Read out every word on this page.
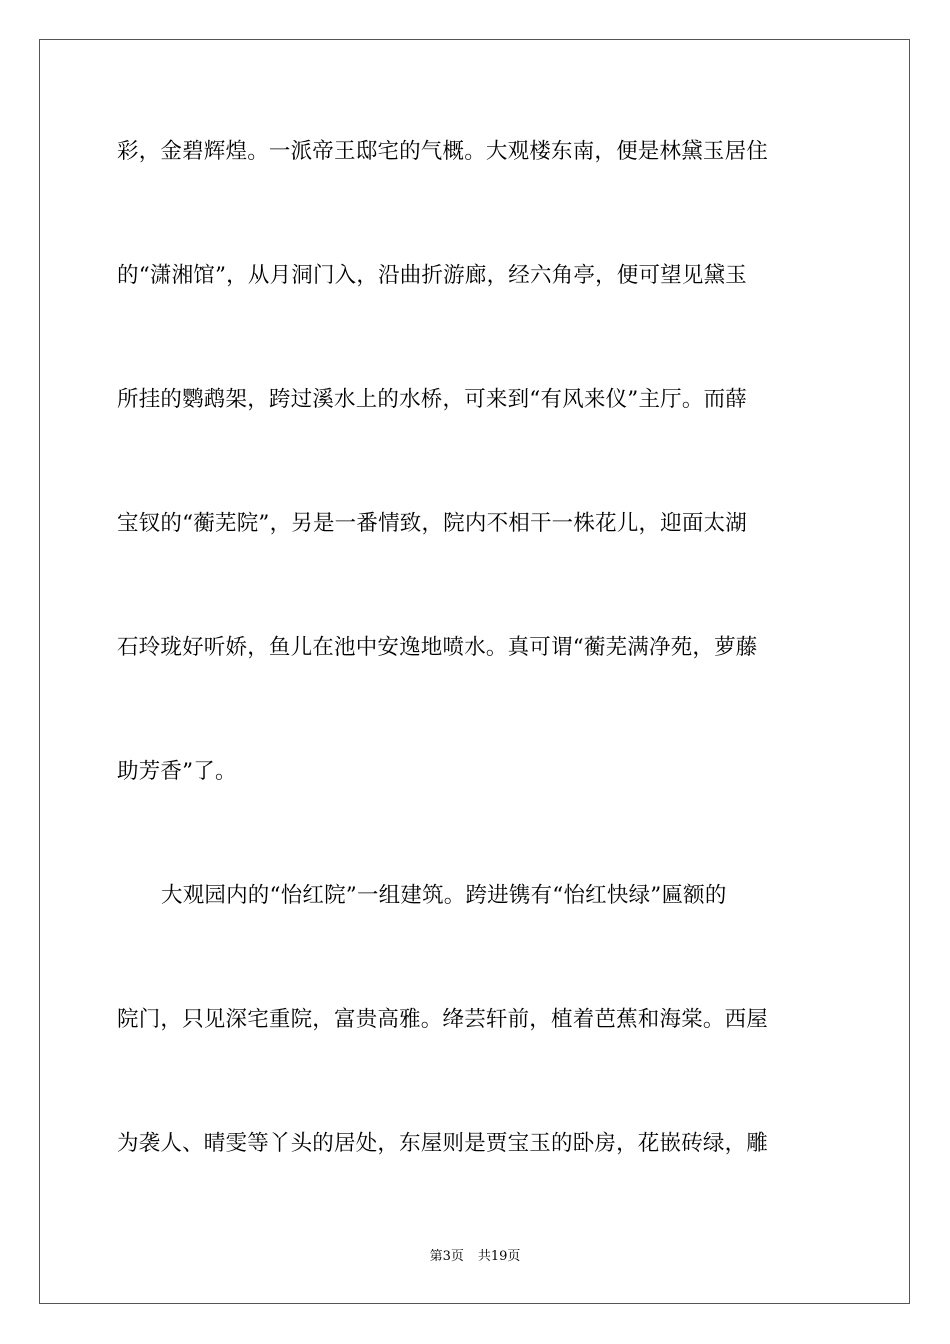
彩，金碧辉煌。一派帝王邸宅的气概。大观楼东南，便是林黛玉居住
的“潇湘馆”，从月洞门入，沿曲折游廊，经六角亭，便可望见黛玉
所挂的鹦鹉架，跨过溪水上的水桥，可来到“有风来仪”主厅。而薛
宝钗的“蘅芜院”，另是一番情致，院内不相干一株花儿，迎面太湖
石玲珑好听娇，鱼儿在池中安逸地喷水。真可谓“蘅芜满净苑，萝藤
助芳香”了。
大观园内的“怡红院”一组建筑。跨进镌有“怡红快绿”匾额的
院门，只见深宅重院，富贵高雅。绛芸轩前，植着芭蕉和海棠。西屋
为袭人、晴雯等丫头的居处，东屋则是贾宝玉的卧房，花嵌砖绿，雕
第3页 共19页
